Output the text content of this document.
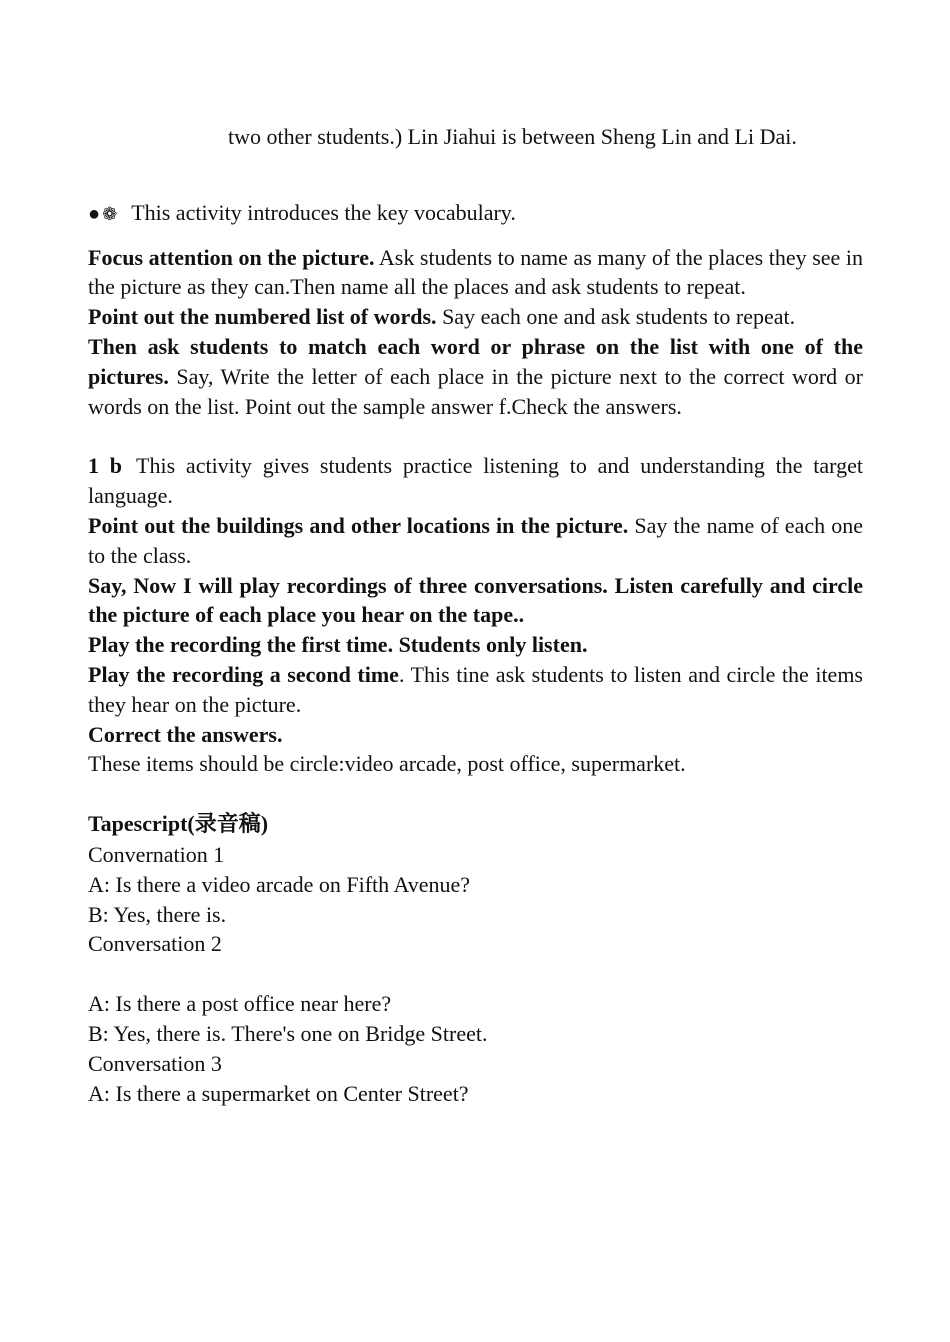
two other students.) Lin Jiahui is between Sheng Lin and Li Dai.

● ❁ This activity introduces the key vocabulary.

Focus attention on the picture. Ask students to name as many of the places they see in the picture as they can.Then name all the places and ask students to repeat.

Point out the numbered list of words. Say each one and ask students to repeat.

Then ask students to match each word or phrase on the list with one of the pictures. Say, Write the letter of each place in the picture next to the correct word or words on the list. Point out the sample answer f.Check the answers.

1 b This activity gives students practice listening to and understanding the target language.

Point out the buildings and other locations in the picture. Say the name of each one to the class.

Say, Now I will play recordings of three conversations. Listen carefully and circle the picture of each place you hear on the tape..

Play the recording the first time. Students only listen.

Play the recording a second time. This tine ask students to listen and circle the items they hear on the picture.

Correct the answers.

These items should be circle:video arcade, post office, supermarket.

Tapescript(录音稿)

Convernation 1

A: Is there a video arcade on Fifth Avenue?

B: Yes, there is.

Conversation 2

A: Is there a post office near here?

B: Yes, there is. There's one on Bridge Street.

Conversation 3

A: Is there a supermarket on Center Street?
